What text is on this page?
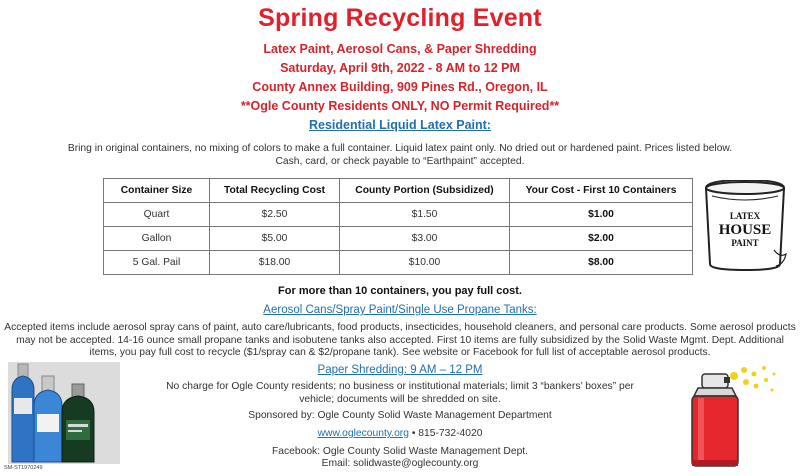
Spring Recycling Event
Latex Paint, Aerosol Cans, & Paper Shredding
Saturday, April 9th, 2022 - 8 AM to 12 PM
County Annex Building, 909 Pines Rd., Oregon, IL
**Ogle County Residents ONLY, NO Permit Required**
Residential Liquid Latex Paint:
Bring in original containers, no mixing of colors to make a full container. Liquid latex paint only. No dried out or hardened paint. Prices listed below. Cash, card, or check payable to “Earthpaint” accepted.
Container Size	Total Recycling Cost	County Portion (Subsidized)	Your Cost - First 10 Containers
Quart	$2.50	$1.50	$1.00
Gallon	$5.00	$3.00	$2.00
5 Gal. Pail	$18.00	$10.00	$8.00
LATEX
HOUSE
PAINT
For more than 10 containers, you pay full cost.
Aerosol Cans/Spray Paint/Single Use Propane Tanks:
Accepted items include aerosol spray cans of paint, auto care/lubricants, food products, insecticides, household cleaners, and personal care products. Some aerosol products may not be accepted. 14-16 ounce small propane tanks and isobutene tanks also accepted. First 10 items are fully subsidized by the Solid Waste Mgmt. Dept. Additional items, you pay full cost to recycle ($1/spray can & $2/propane tank). See website or Facebook for full list of acceptable aerosol products.
Paper Shredding: 9 AM – 12 PM
No charge for Ogle County residents; no business or institutional materials; limit 3 “bankers’ boxes” per vehicle; documents will be shredded on site.
Sponsored by: Ogle County Solid Waste Management Department
www.oglecounty.org • 815-732-4020
Facebook: Ogle County Solid Waste Management Dept.
Email: solidwaste@oglecounty.org
SM-ST1970249
